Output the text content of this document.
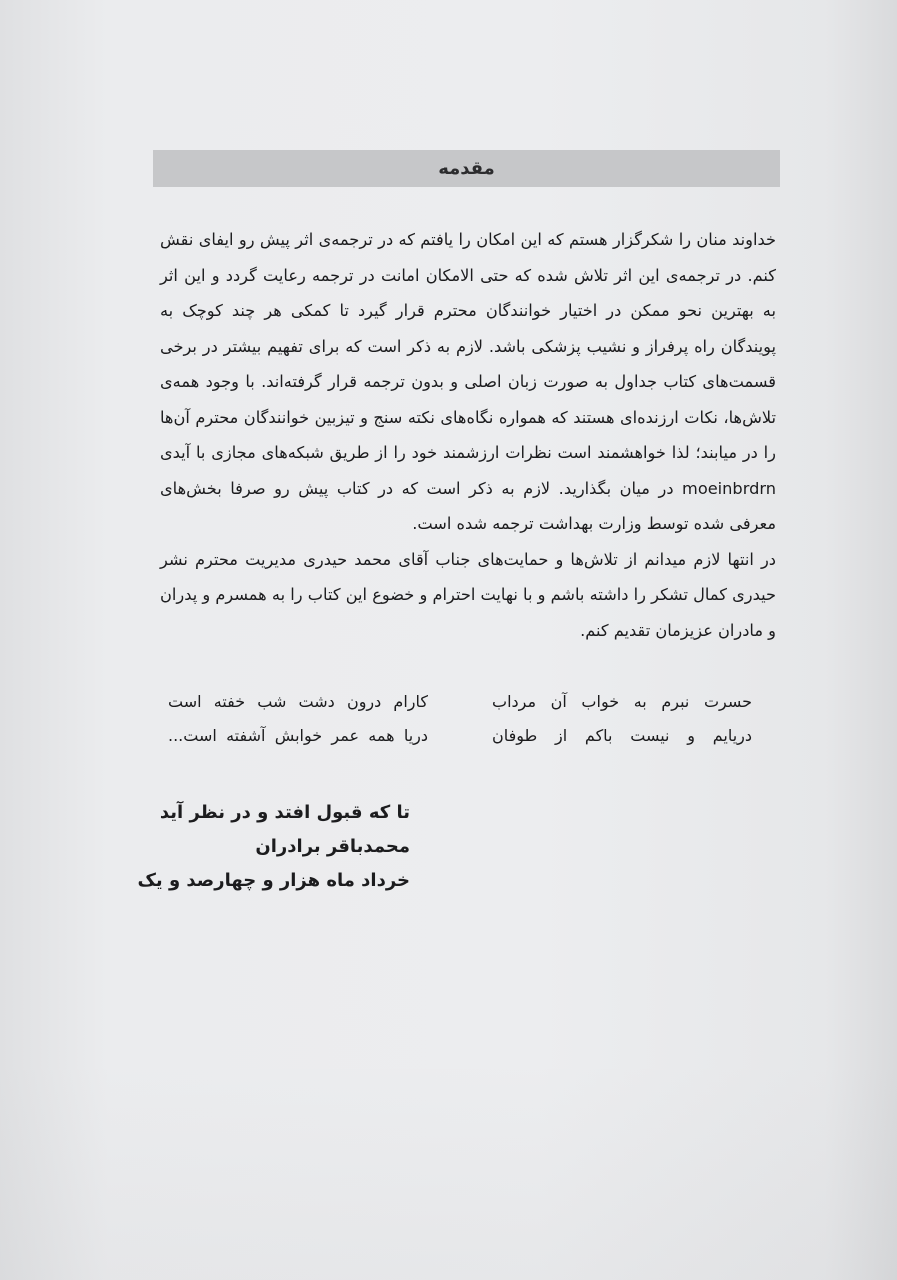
مقدمه

خداوند منان را شکرگزار هستم که این امکان را یافتم که در ترجمه‌ی اثر پیش رو ایفای نقش کنم. در ترجمه‌ی این اثر تلاش شده که حتی الامکان امانت در ترجمه رعایت گردد و این اثر به بهترین نحو ممکن در اختیار خوانندگان محترم قرار گیرد تا کمکی هر چند کوچک به پویندگان راه پرفراز و نشیب پزشکی باشد. لازم به ذکر است که برای تفهیم بیشتر در برخی قسمت‌های کتاب جداول به صورت زبان اصلی و بدون ترجمه قرار گرفته‌اند. با وجود همه‌ی تلاش‌ها، نکات ارزنده‌ای هستند که همواره نگاه‌های نکته سنج و تیزبین خوانندگان محترم آن‌ها را در میابند؛ لذا خواهشمند است نظرات ارزشمند خود را از طریق شبکه‌های مجازی با آیدی moeinbrdrn در میان بگذارید. لازم به ذکر است که در کتاب پیش رو صرفا بخش‌های معرفی شده توسط وزارت بهداشت ترجمه شده است.

در انتها لازم میدانم از تلاش‌ها و حمایت‌های جناب آقای محمد حیدری مدیریت محترم نشر حیدری کمال تشکر را داشته باشم و با نهایت احترام و خضوع این کتاب را به همسرم و پدران و مادران عزیزمان تقدیم کنم.

حسرت نبرم به خواب آن مرداب
کارام درون دشت شب خفته است
دریایم و نیست باکم از طوفان
دریا همه عمر خوابش آشفته است...
تا که قبول افتد و در نظر آید
محمدباقر برادران
خرداد ماه هزار و چهارصد و یک
